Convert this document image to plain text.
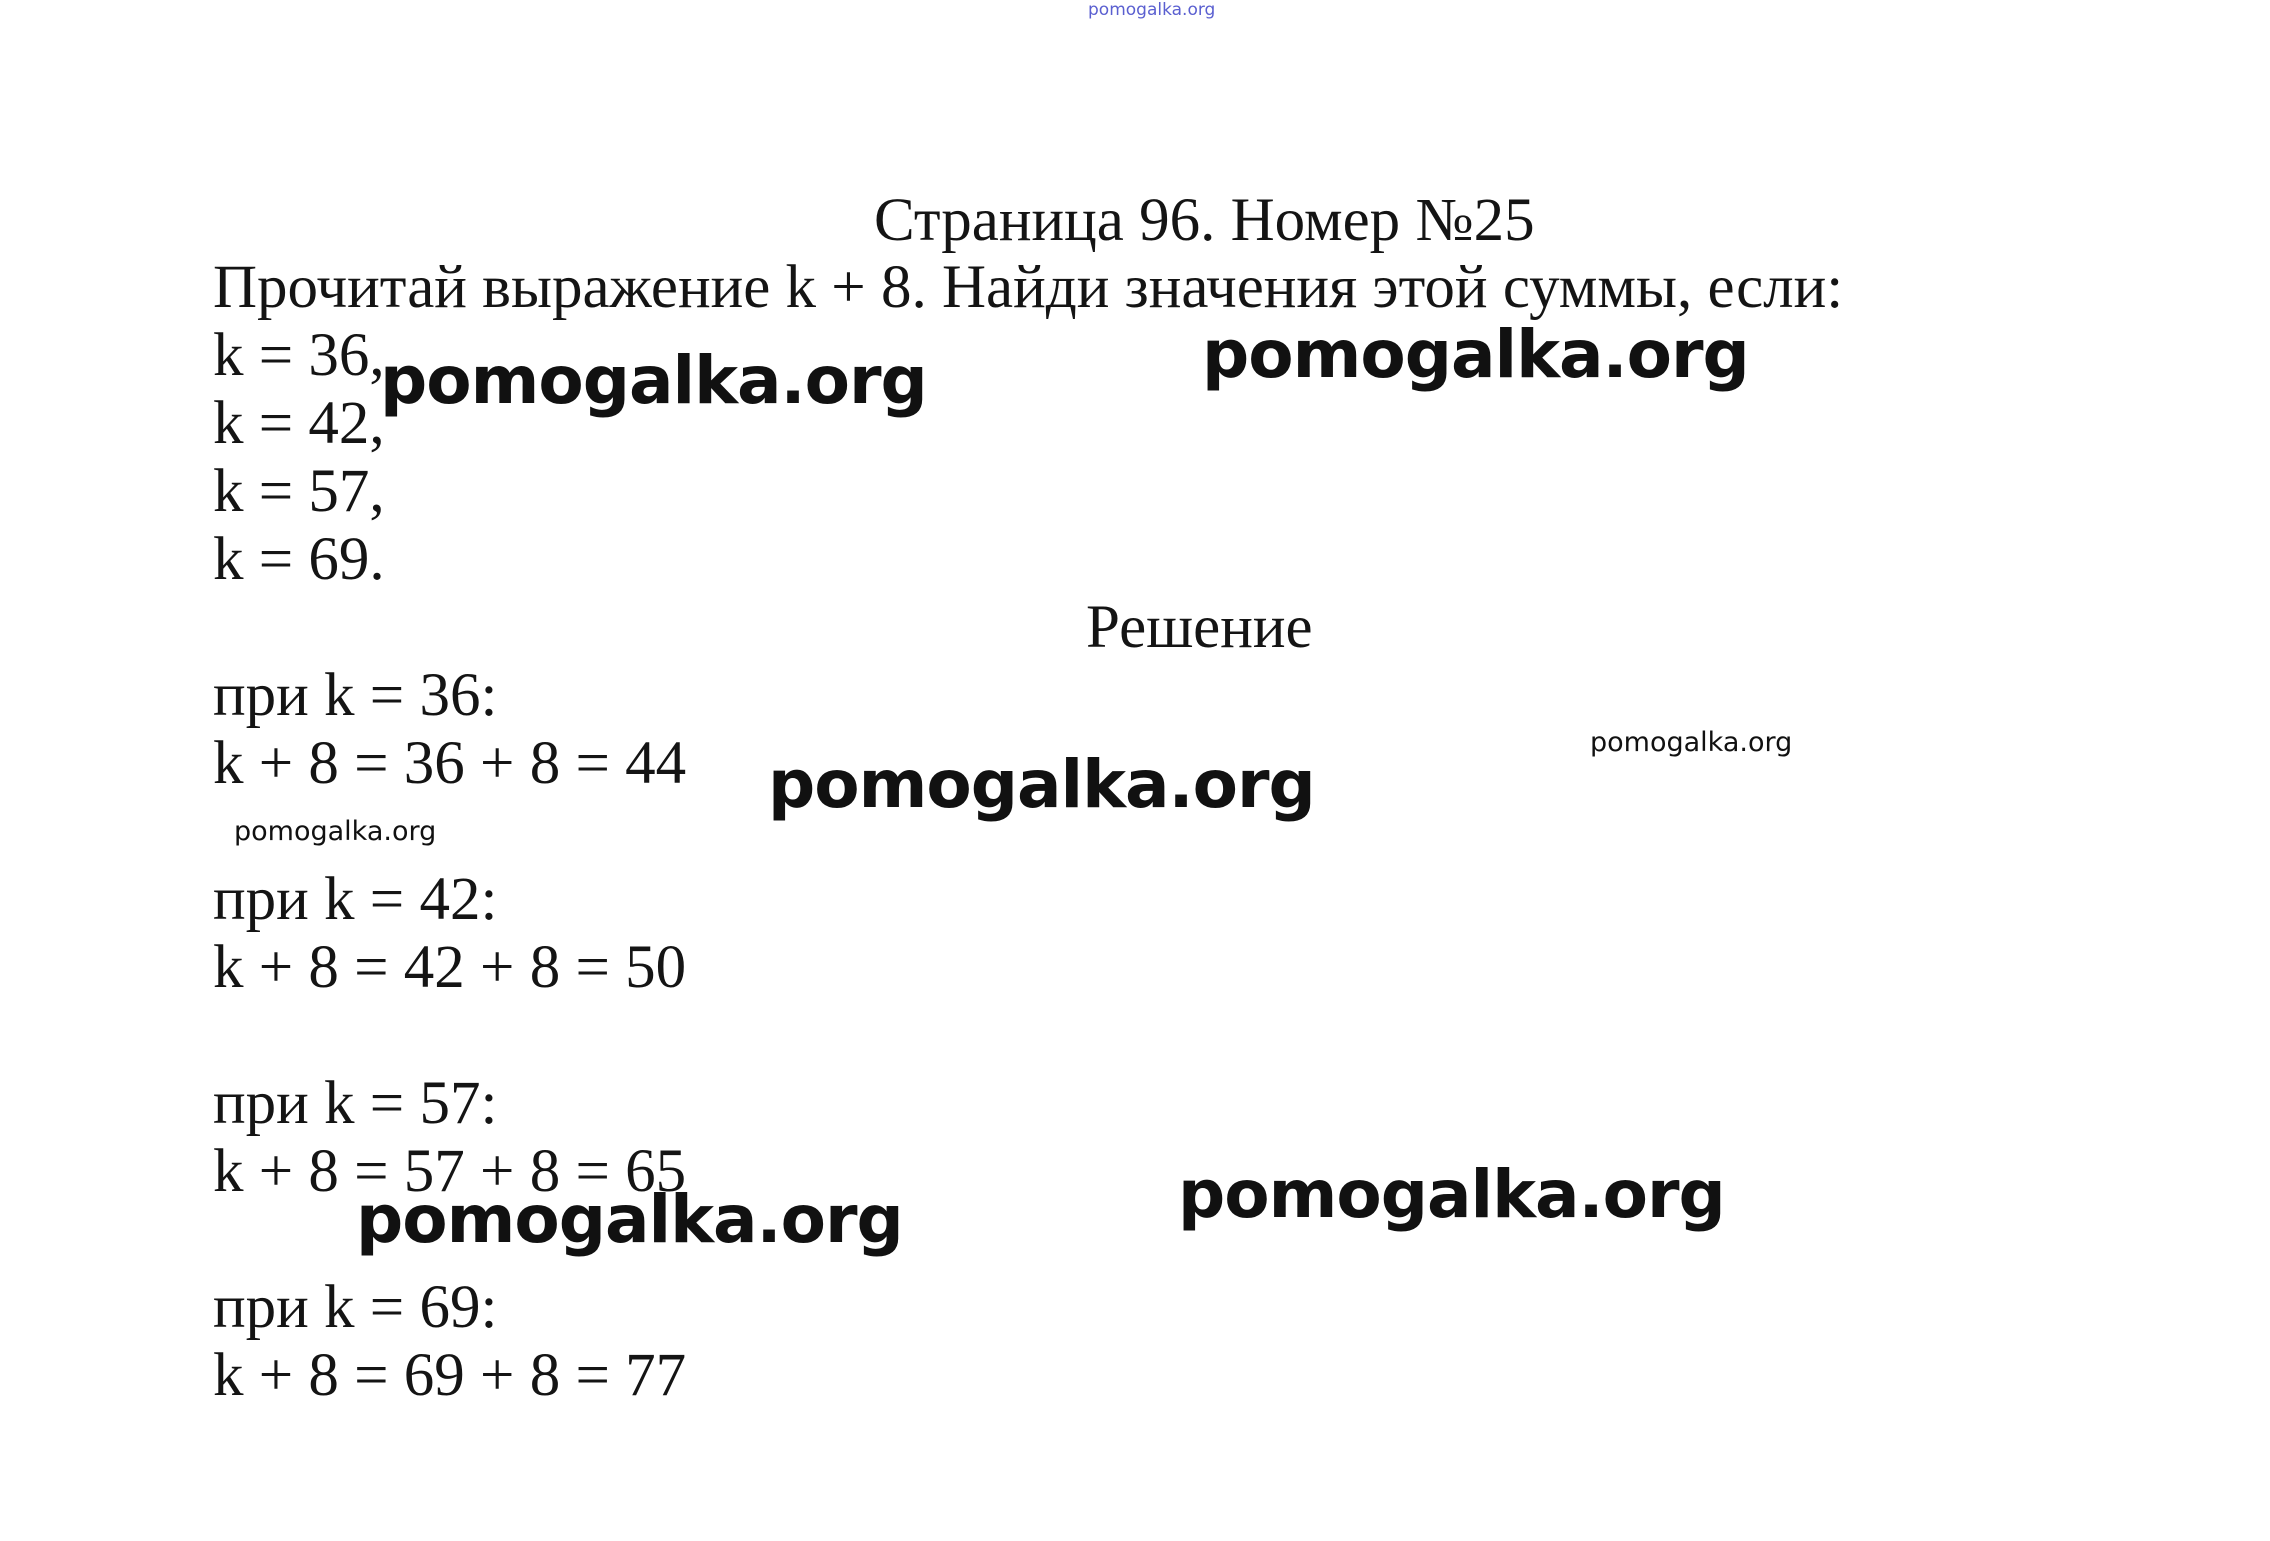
pomogalka.org
Страница 96. Номер №25
Прочитай выражение k + 8. Найди значения этой суммы, если:
k = 36,
k = 42,
k = 57,
k = 69.
Решение
при k = 36:
k + 8 = 36 + 8 = 44
при k = 42:
k + 8 = 42 + 8 = 50
при k = 57:
k + 8 = 57 + 8 = 65
при k = 69:
k + 8 = 69 + 8 = 77
pomogalka.org	pomogalka.org
pomogalka.org
pomogalka.org
pomogalka.org
pomogalka.org
pomogalka.org
